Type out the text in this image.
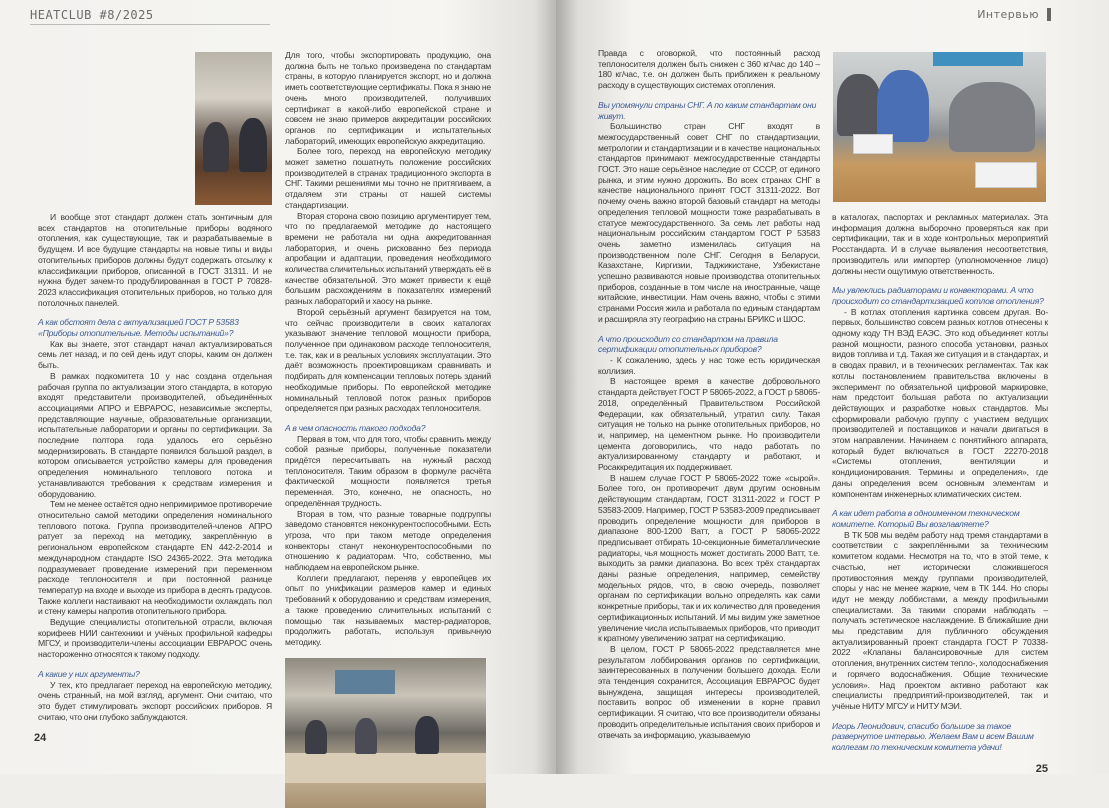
HEATCLUB #8/2025

И вообще этот стандарт должен стать зонтичным для всех стандартов на отопительные приборы водяного отопления, как существующие, так и разрабатываемые в будущем. И все будущие стандарты на новые типы и виды отопительных приборов должны будут содержать отсылку к классификации приборов, описанной в ГОСТ 31311. И не нужна будет зачем-то продублированная в ГОСТ Р 70828-2023 классификация отопительных приборов, но только для потолочных панелей.

А как обстоят дела с актуализацией ГОСТ Р 53583 «Приборы отопительные. Методы испытаний»?

Как вы знаете, этот стандарт начал актуализироваться семь лет назад, и по сей день идут споры, каким он должен быть.

В рамках подкомитета 10 у нас создана отдельная рабочая группа по актуализации этого стандарта, в которую входят представители производителей, объединённых ассоциациями АПРО и ЕВРАРОС, независимые эксперты, представляющие научные, образовательные организации, испытательные лаборатории и органы по сертификации. За последние полтора года удалось его серьёзно модернизировать. В стандарте появился большой раздел, в котором описывается устройство камеры для проведения определения номинального теплового потока и устанавливаются требования к средствам измерения и оборудованию.

Тем не менее остаётся одно непримиримое противоречие относительно самой методики определения номинального теплового потока. Группа производителей-членов АПРО ратует за переход на методику, закреплённую в региональном европейском стандарте EN 442-2-2014 и международном стандарте ISO 24365-2022. Эта методика подразумевает проведение измерений при переменном расходе теплоносителя и при постоянной разнице температур на входе и выходе из прибора в десять градусов. Также коллеги настаивают на необходимости охлаждать пол и стену камеры напротив отопительного прибора.

Ведущие специалисты отопительной отрасли, включая корифеев НИИ сантехники и учёных профильной кафедры МГСУ, и производители-члены ассоциации ЕВРАРОС очень настороженно относятся к такому подходу.

А какие у них аргументы?

У тех, кто предлагает переход на европейскую методику, очень странный, на мой взгляд, аргумент. Они считаю, что это будет стимулировать экспорт российских приборов. Я считаю, что они глубоко заблуждаются.

24

Для того, чтобы экспортировать продукцию, она должна быть не только произведена по стандартам страны, в которую планируется экспорт, но и должна иметь соответствующие сертификаты. Пока я знаю не очень много производителей, получивших сертификат в какой-либо европейской стране и совсем не знаю примеров аккредитации российских органов по сертификации и испытательных лабораторий, имеющих европейскую аккредитацию.

Более того, переход на европейскую методику может заметно пошатнуть положение российских производителей в странах традиционного экспорта в СНГ. Такими решениями мы точно не притягиваем, а отдаляем эти страны от нашей системы стандартизации.

Вторая сторона свою позицию аргументирует тем, что по предлагаемой методике до настоящего времени не работала ни одна аккредитованная лаборатория, и очень рискованно без периода апробации и адаптации, проведения необходимого количества сличительных испытаний утверждать её в качестве обязательной. Это может привести к ещё большим расхождениям в показателях измерений разных лабораторий и хаосу на рынке.

Второй серьёзный аргумент базируется на том, что сейчас производители в своих каталогах указывают значение тепловой мощности прибора, полученное при одинаковом расходе теплоносителя, т.е. так, как и в реальных условиях эксплуатации. Это даёт возможность проектировщикам сравнивать и подбирать для компенсации тепловых потерь зданий необходимые приборы. По европейской методике номинальный тепловой поток разных приборов определяется при разных расходах теплоносителя.

А в чем опасность такого подхода?

Первая в том, что для того, чтобы сравнить между собой разные приборы, полученные показатели придётся пересчитывать на нужный расход теплоносителя. Таким образом в формуле расчёта фактической мощности появляется третья переменная. Это, конечно, не опасность, но определённая трудность.

Вторая в том, что разные товарные подгруппы заведомо становятся неконкурентоспособными. Есть угроза, что при таком методе определения конвекторы станут неконкурентоспособными по отношению к радиаторам. Что, собственно, мы наблюдаем на европейском рынке.

Коллеги предлагают, переняв у европейцев их опыт по унификации размеров камер и единых требований к оборудованию и средствам измерения, а также проведению сличительных испытаний с помощью так называемых мастер-радиаторов, продолжить работать, используя привычную методику.

Интервью

Правда с оговоркой, что постоянный расход теплоносителя должен быть снижен с 360 кг/час до 140 – 180 кг/час, т.е. он должен быть приближен к реальному расходу в существующих системах отопления.

Вы упомянули страны СНГ. А по каким стандартам они живут.

Большинство стран СНГ входят в межгосударственный совет СНГ по стандартизации, метрологии и стандартизации и в качестве национальных стандартов принимают межгосударственные стандарты ГОСТ. Это наше серьёзное наследие от СССР, от единого рынка, и этим нужно дорожить. Во всех странах СНГ в качестве национального принят ГОСТ 31311-2022. Вот почему очень важно второй базовый стандарт на методы определения тепловой мощности тоже разрабатывать в статусе межгосударственного. За семь лет работы над национальным российским стандартом ГОСТ Р 53583 очень заметно изменилась ситуация на производственном поле СНГ. Сегодня в Беларуси, Казахстане, Киргизии, Таджикистане, Узбекистане успешно развиваются новые производства отопительных приборов, созданные в том числе на иностранные, чаще китайские, инвестиции. Нам очень важно, чтобы с этими странами Россия жила и работала по единым стандартам и расширяла эту географию на страны БРИКС и ШОС.

А что происходит со стандартом на правила сертификации отопительных приборов?

- К сожалению, здесь у нас тоже есть юридическая коллизия.

В настоящее время в качестве добровольного стандарта действует ГОСТ Р 58065-2022, а ГОСТ р 58065-2018, определённый Правительством Российской Федерации, как обязательный, утратил силу. Такая ситуация не только на рынке отопительных приборов, но и, например, на цементном рынке. Но производители цемента договорились, что надо работать по актуализированному стандарту и работают, и Росаккредитация их поддерживает.

В нашем случае ГОСТ Р 58065-2022 тоже «сырой». Более того, он противоречит двум другим основным действующим стандартам, ГОСТ 31311-2022 и ГОСТ Р 53583-2009. Например, ГОСТ Р 53583-2009 предписывает проводить определение мощности для приборов в диапазоне 800-1200 Ватт, а ГОСТ Р 58065-2022 предписывает отбирать 10-секционные биметаллические радиаторы, чья мощность может достигать 2000 Ватт, т.е. выходить за рамки диапазона. Во всех трёх стандартах даны разные определения, например, семейству модельных рядов, что, в свою очередь, позволяет органам по сертификации вольно определять как сами конкретные приборы, так и их количество для проведения сертификационных испытаний. И мы видим уже заметное увеличение числа испытываемых приборов, что приводит к кратному увеличению затрат на сертификацию.

В целом, ГОСТ Р 58065-2022 представляется мне результатом лоббирования органов по сертификации, заинтересованных в получении большего дохода. Если эта тенденция сохранится, Ассоциация ЕВРАРОС будет вынуждена, защищая интересы производителей, поставить вопрос об изменении в корне правил сертификации. Я считаю, что все производители обязаны проводить определительные испытания своих приборов и отвечать за информацию, указываемую

в каталогах, паспортах и рекламных материалах. Эта информация должна выборочно проверяться как при сертификации, так и в ходе контрольных мероприятий Росстандарта. И в случае выявления несоответствия, производитель или импортер (уполномоченное лицо) должны нести ощутимую ответственность.

Мы увлеклись радиаторами и конвекторами. А что происходит со стандартизацией котлов отопления?

- В котлах отопления картинка совсем другая. Во-первых, большинство совсем разных котлов отнесены к одному коду ТН ВЭД ЕАЭС. Это код объединяет котлы разной мощности, разного способа установки, разных видов топлива и т.д. Такая же ситуация и в стандартах, и в сводах правил, и в технических регламентах. Так как котлы постановлением правительства включены в эксперимент по обязательной цифровой маркировке, нам предстоит большая работа по актуализации действующих и разработке новых стандартов. Мы сформировали рабочую группу с участием ведущих производителей и поставщиков и начали двигаться в этом направлении. Начинаем с понятийного аппарата, который будет включаться в ГОСТ 22270-2018 «Системы отопления, вентиляции и кондиционирования. Термины и определения», где даны определения всем основным элементам и компонентам инженерных климатических систем.

А как идет работа в одноименном техническом комитете. Который Вы возглавляете?

В ТК 508 мы ведём работу над тремя стандартами в соответствии с закреплёнными за техническим комитетом кодами. Несмотря на то, что в этой теме, к счастью, нет исторически сложившегося противостояния между группами производителей, споры у нас не менее жаркие, чем в ТК 144. Но споры идут не между лоббистами, а между профильными специалистами. За такими спорами наблюдать – получать эстетическое наслаждение. В ближайшие дни мы представим для публичного обсуждения актуализированный проект стандарта ГОСТ Р 70338-2022 «Клапаны балансировочные для систем отопления, внутренних систем тепло-, холодоснабжения и горячего водоснабжения. Общие технические условия». Над проектом активно работают как специалисты предприятий-производителей, так и учёные НИТУ МГСУ и НИТУ МЭИ.

Игорь Леонидович, спасибо большое за такое развернутое интервью. Желаем Вам и всем Вашим коллегам по техническим комитета удачи!

25
